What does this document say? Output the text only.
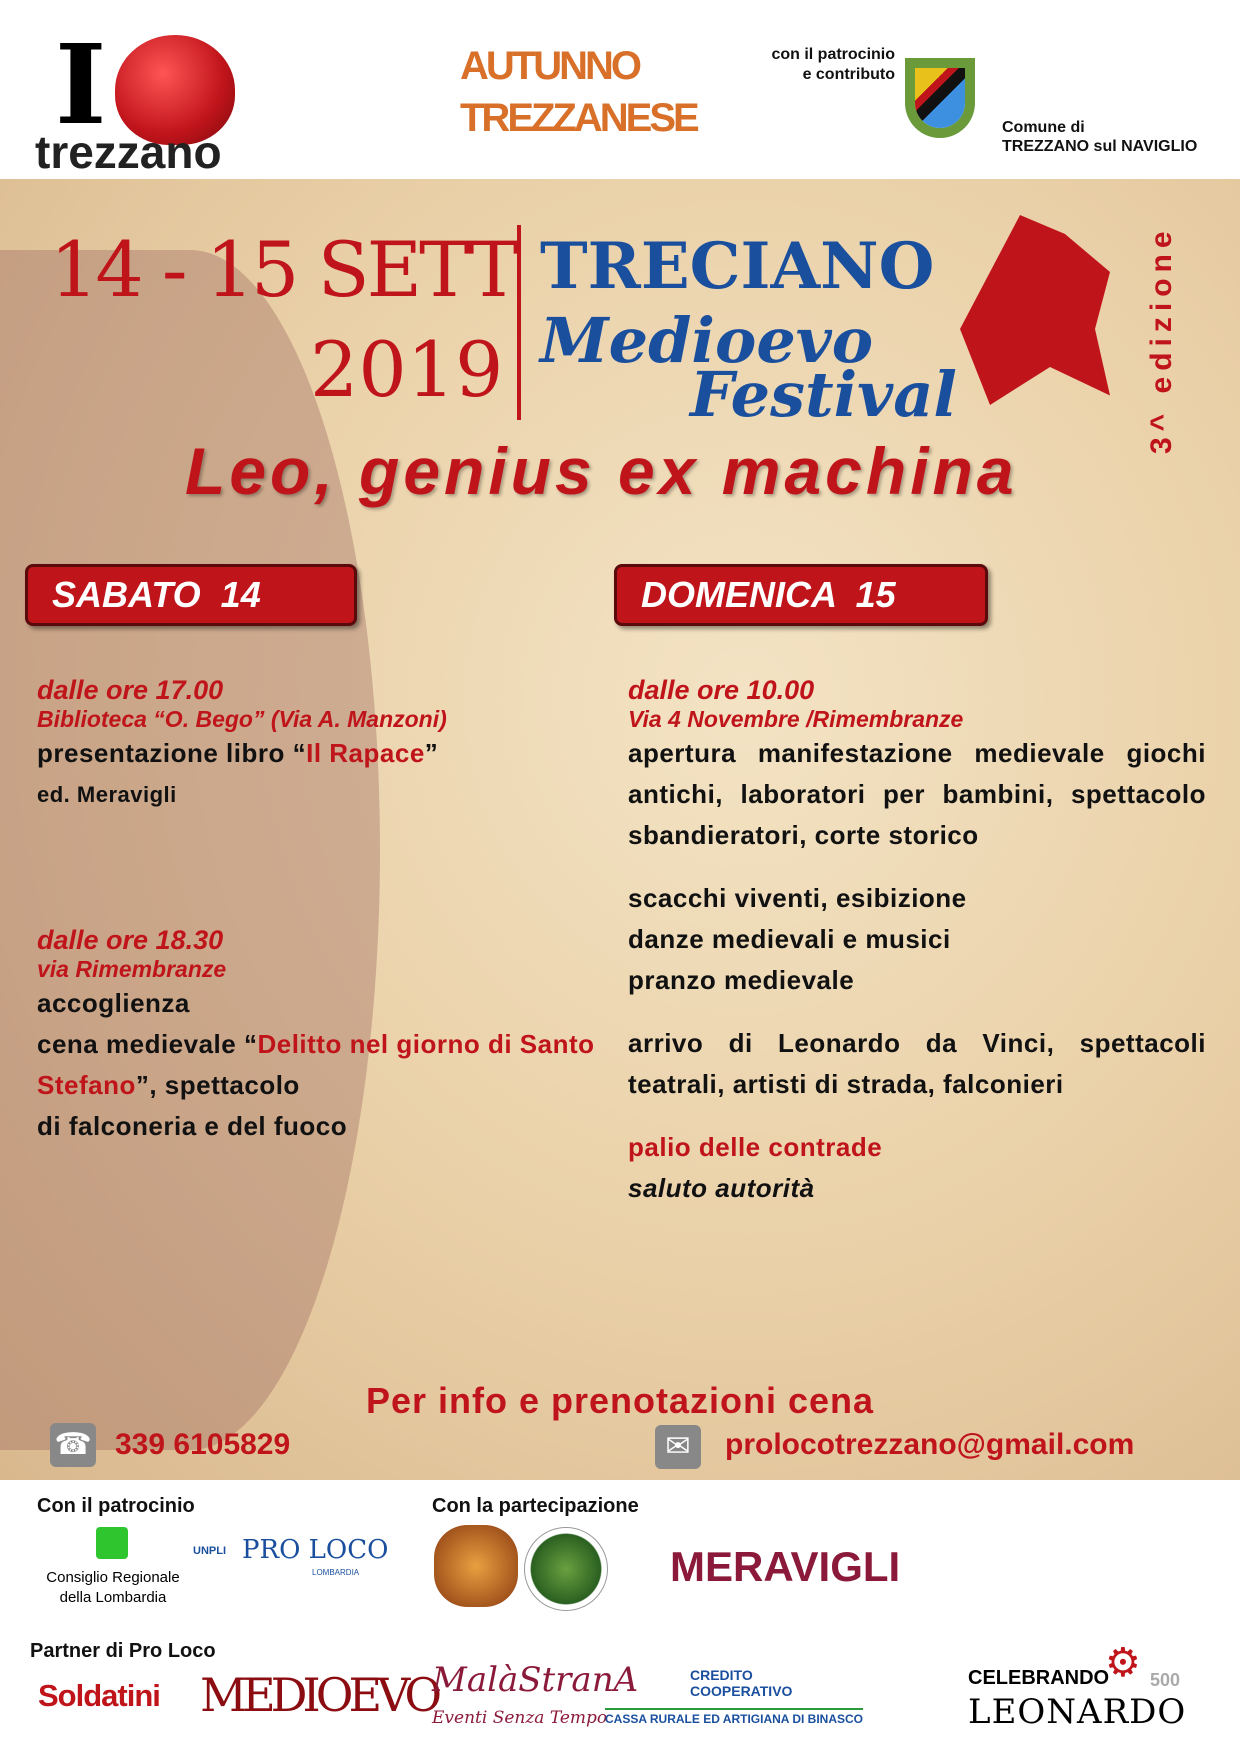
I
trezzano
AUTUNNO
TREZZANESE
con il patrocinio
e contributo
Comune di
TREZZANO sul NAVIGLIO
14 - 15 SETT
2019
TRECIANO
Medioevo
Festival	3^ edizione
Leo, genius ex machina
SABATO  14
dalle ore 17.00
Biblioteca “O. Bego” (Via A. Manzoni)
presentazione libro “Il Rapace”
ed. Meravigli
dalle ore 18.30
via Rimembranze
accoglienza
cena medievale “Delitto nel giorno di Santo Stefano”, spettacolo
di falconeria e del fuoco
DOMENICA  15
dalle ore 10.00
Via 4 Novembre /Rimembranze
apertura manifestazione medievale giochi antichi, laboratori per bambini, spettacolo sbandieratori, corte storico
scacchi viventi, esibizione
danze medievali e musici
pranzo medievale
arrivo di Leonardo da Vinci, spettacoli teatrali, artisti di strada, falconieri
palio delle contrade
saluto autorità
Per info e prenotazioni cena
☎ 339 6105829	✉	prolocotrezzano@gmail.com
Con il patrocinio
Consiglio Regionale
della Lombardia
UNPLI PRO LOCO
LOMBARDIA
Con la partecipazione
MERAVIGLI
Partner di Pro Loco
Soldatini MEDIOEVO
MalàStranA
Eventi Senza Tempo
CREDITO COOPERATIVO
CASSA RURALE ED ARTIGIANA DI BINASCO
CELEBRANDO
⚙ 500
LEONARDO
